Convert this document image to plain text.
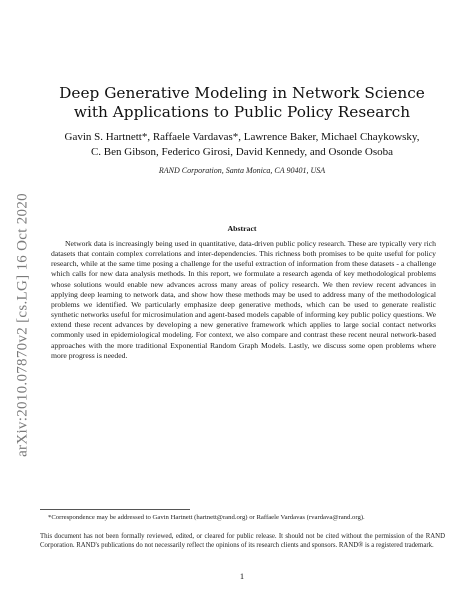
arXiv:2010.07870v2 [cs.LG] 16 Oct 2020
Deep Generative Modeling in Network Science
with Applications to Public Policy Research
Gavin S. Hartnett*, Raffaele Vardavas*, Lawrence Baker, Michael Chaykowsky,
C. Ben Gibson, Federico Girosi, David Kennedy, and Osonde Osoba
RAND Corporation, Santa Monica, CA 90401, USA
Abstract

Network data is increasingly being used in quantitative, data-driven public policy research. These are typically very rich datasets that contain complex correlations and inter-dependencies. This richness both promises to be quite useful for policy research, while at the same time posing a challenge for the useful extraction of information from these datasets - a challenge which calls for new data analysis methods. In this report, we formulate a research agenda of key methodological problems whose solutions would enable new advances across many areas of policy research. We then review recent advances in applying deep learning to network data, and show how these methods may be used to address many of the methodological problems we identified. We particularly emphasize deep generative methods, which can be used to generate realistic synthetic networks useful for microsimulation and agent-based models capable of informing key public policy questions. We extend these recent advances by developing a new generative framework which applies to large social contact networks commonly used in epidemiological modeling. For context, we also compare and contrast these recent neural network-based approaches with the more traditional Exponential Random Graph Models. Lastly, we discuss some open problems where more progress is needed.

*Correspondence may be addressed to Gavin Hartnett (hartnett@rand.org) or Raffaele Vardavas (rvardava@rand.org).

This document has not been formally reviewed, edited, or cleared for public release. It should not be cited without the permission of the RAND Corporation. RAND's publications do not necessarily reflect the opinions of its research clients and sponsors. RAND® is a registered trademark.

1
